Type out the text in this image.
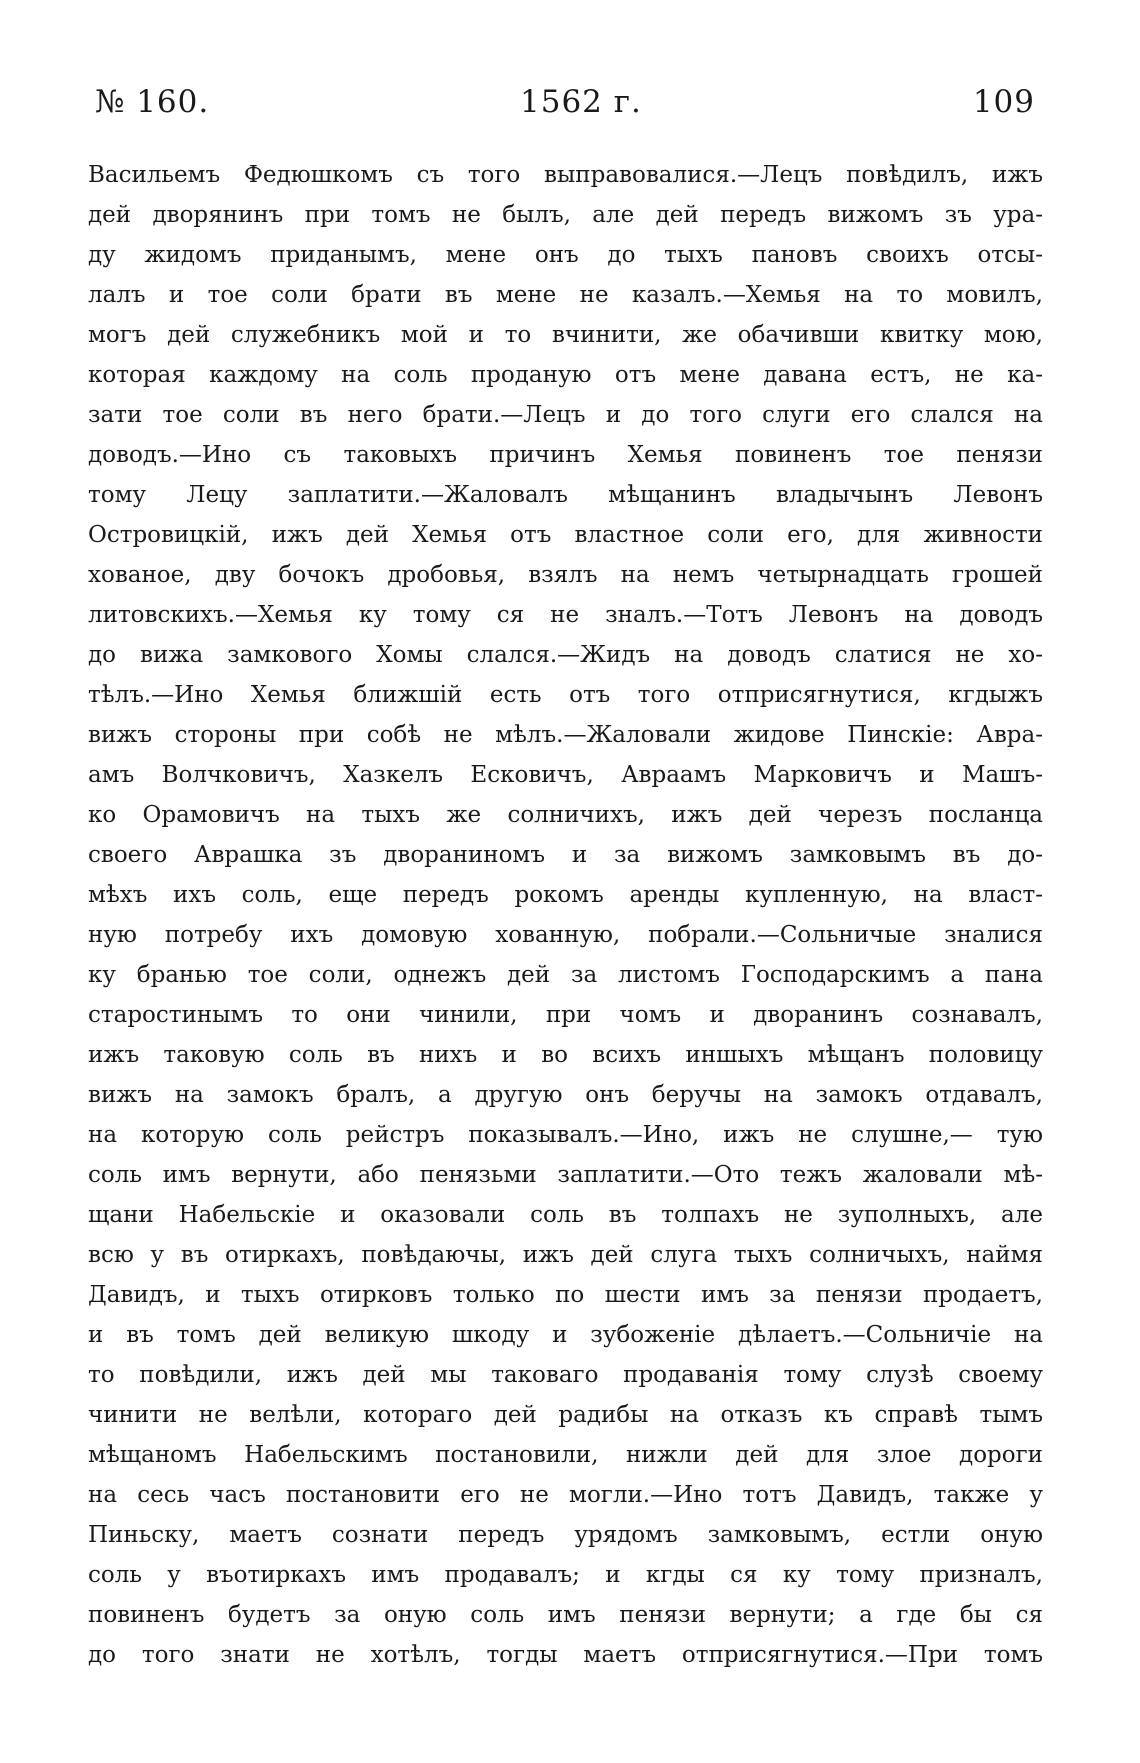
№ 160.	1562 г.	109
Васильемъ Федюшкомъ съ того выправовалися.—Лецъ повѣдилъ, ижъ
дей дворянинъ при томъ не былъ, але дей передъ вижомъ зъ ура-
ду жидомъ приданымъ, мене онъ до тыхъ пановъ своихъ отсы-
лалъ и тое соли брати въ мене не казалъ.—Хемья на то мовилъ,
могъ дей служебникъ мой и то вчинити, же обачивши квитку мою,
которая каждому на соль проданую отъ мене давана естъ, не ка-
зати тое соли въ него брати.—Лецъ и до того слуги его слался на
доводъ.—Ино съ таковыхъ причинъ Хемья повиненъ тое пенязи
тому Лецу заплатити.—Жаловалъ мѣщанинъ владычынъ Левонъ
Островицкій, ижъ дей Хемья отъ властное соли его, для живности
хованое, дву бочокъ дробовья, взялъ на немъ четырнадцать грошей
литовскихъ.—Хемья ку тому ся не зналъ.—Тотъ Левонъ на доводъ
до вижа замкового Хомы слался.—Жидъ на доводъ слатися не хо-
тѣлъ.—Ино Хемья ближшій есть отъ того отприсягнутися, кгдыжъ
вижъ стороны при собѣ не мѣлъ.—Жаловали жидове Пинскіе: Авра-
амъ Волчковичъ, Хазкелъ Есковичъ, Авраамъ Марковичъ и Машъ-
ко Орамовичъ на тыхъ же солничихъ, ижъ дей черезъ посланца
своего Аврашка зъ дворaниномъ и за вижомъ замковымъ въ до-
мѣхъ ихъ соль, еще передъ рокомъ аренды купленную, на власт-
ную потребу ихъ домовую хованную, побрали.—Сольничые знaлися
ку бранью тое соли, однежъ дей за листомъ Господарскимъ а пана
старостинымъ то они чинили, при чомъ и дворанинъ сознавалъ,
ижъ таковую соль въ нихъ и во всихъ иншыхъ мѣщанъ половицу
вижъ на замокъ бралъ, а другую онъ беручы на замокъ отдавалъ,
на которую соль рейстръ показывалъ.—Ино, ижъ не слушне,— тую
соль имъ вернути, або пенязьми заплатити.—Ото тежъ жаловали мѣ-
щани Набельскіе и оказовали соль въ толпахъ не зуполныхъ, але
всю у въ отиркахъ, повѣдаючы, ижъ дей слуга тыхъ солничыхъ, наймя
Давидъ, и тыхъ отирковъ только по шести имъ за пенязи продаетъ,
и въ томъ дей великую шкоду и зубоженіе дѣлаетъ.—Сольничіе на
то повѣдили, ижъ дей мы таковаго продаванія тому слузѣ своему
чинити не велѣли, котораго дей радибы на отказъ къ справѣ тымъ
мѣщаномъ Набельскимъ постановили, нижли дей для злое дороги
на сесь часъ постановити его не могли.—Ино тотъ Давидъ, также у
Пиньску, маетъ сознати передъ урядомъ замковымъ, естли оную
соль у въотиркахъ имъ продавалъ; и кгды ся ку тому призналъ,
повиненъ будетъ за оную соль имъ пенязи вернути; а где бы ся
до того знати не хотѣлъ, тогды маетъ отприсягнутися.—При томъ
